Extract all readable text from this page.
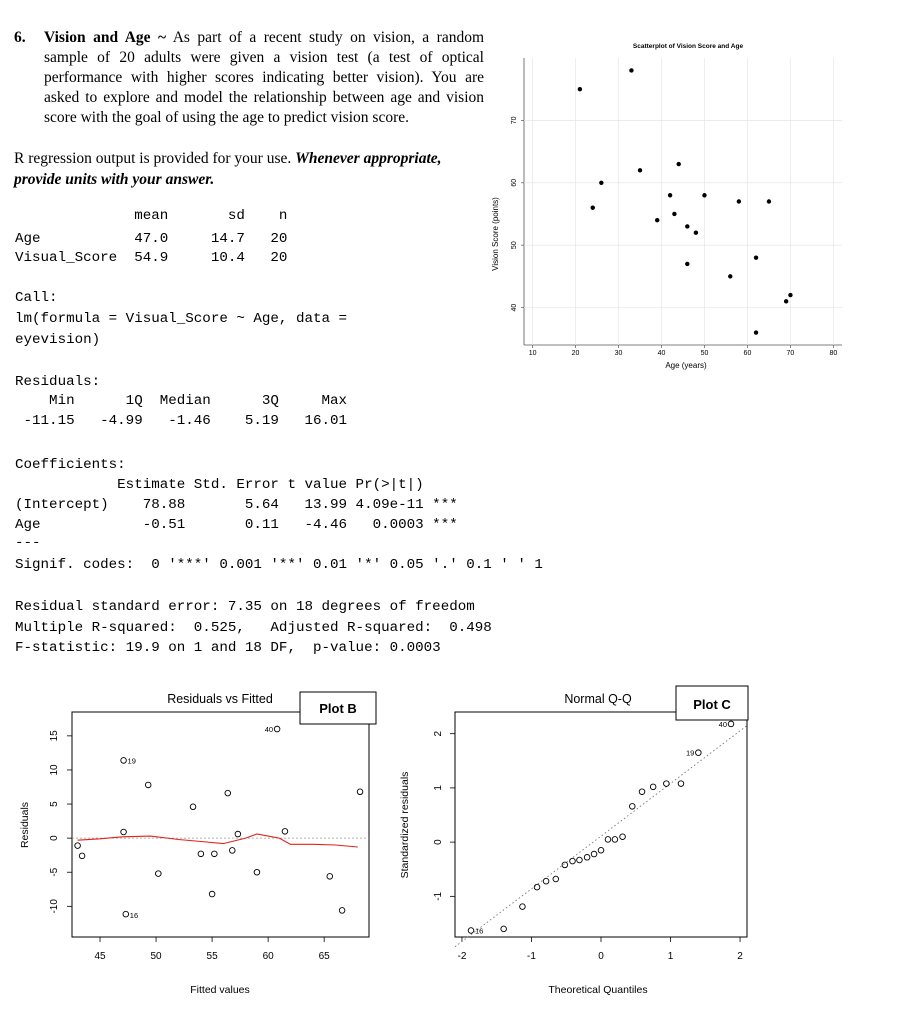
6. Vision and Age ~ As part of a recent study on vision, a random sample of 20 adults were given a vision test (a test of optical performance with higher scores indicating better vision). You are asked to explore and model the relationship between age and vision score with the goal of using the age to predict vision score.
R regression output is provided for your use. Whenever appropriate, provide units with your answer.
mean       sd    n
Age           47.0     14.7   20
Visual_Score  54.9     10.4   20
Call:
lm(formula = Visual_Score ~ Age, data =
eyevision)
Residuals:
Min      1Q  Median      3Q     Max
-11.15   -4.99   -1.46    5.19   16.01
Coefficients:
Estimate Std. Error t value Pr(>|t|)
(Intercept)    78.88       5.64   13.99 4.09e-11 ***
Age            -0.51       0.11   -4.46   0.0003 ***
---
Signif. codes:  0 '***' 0.001 '**' 0.01 '*' 0.05 '.' 0.1 ' ' 1
Residual standard error: 7.35 on 18 degrees of freedom
Multiple R-squared:  0.525,   Adjusted R-squared:  0.498
F-statistic: 19.9 on 1 and 18 DF,  p-value: 0.0003
Scatterplot of Vision Score and Age
10	20	30	40	50	60	70	80
40
50
60
70
Age (years)
Vision Score (points)
Residuals vs Fitted
45	50	55	60	65
-10
-5
0
5
10
15
40
19
16
Plot B
Fitted values
Residuals
Normal Q-Q
-2	-1	0	1	2
-1
0
1
2
40
19
16
Plot C
Theoretical Quantiles
Standardized residuals
